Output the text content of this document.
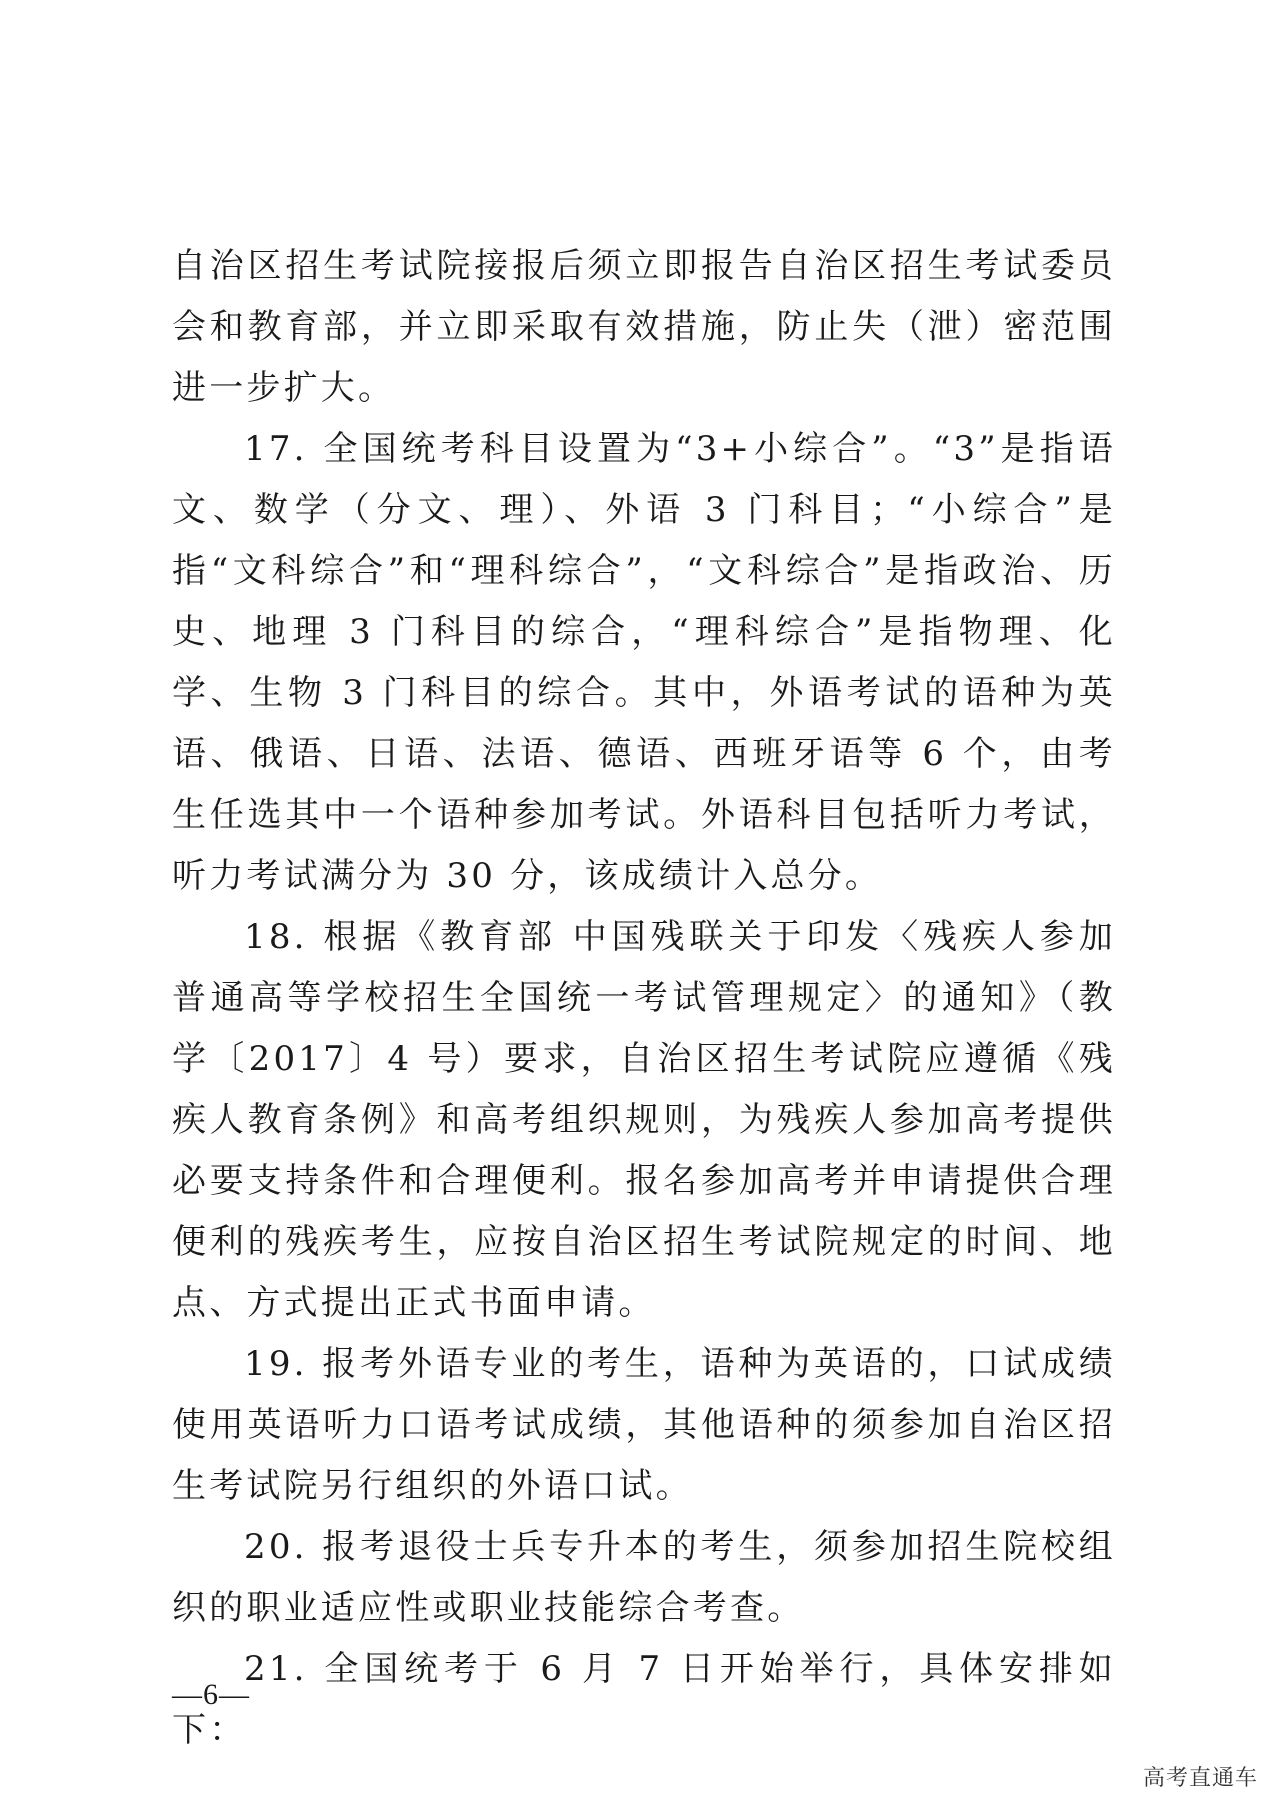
自治区招生考试院接报后须立即报告自治区招生考试委员会和教育部，并立即采取有效措施，防止失（泄）密范围进一步扩大。

17. 全国统考科目设置为“3+小综合”。“3”是指语文、数学（分文、理）、外语 3 门科目；“小综合”是指“文科综合”和“理科综合”，“文科综合”是指政治、历史、地理 3 门科目的综合，“理科综合”是指物理、化学、生物 3 门科目的综合。其中，外语考试的语种为英语、俄语、日语、法语、德语、西班牙语等 6 个，由考生任选其中一个语种参加考试。外语科目包括听力考试，听力考试满分为 30 分，该成绩计入总分。

18. 根据《教育部 中国残联关于印发〈残疾人参加普通高等学校招生全国统一考试管理规定〉的通知》（教学〔2017〕4 号）要求，自治区招生考试院应遵循《残疾人教育条例》和高考组织规则，为残疾人参加高考提供必要支持条件和合理便利。报名参加高考并申请提供合理便利的残疾考生，应按自治区招生考试院规定的时间、地点、方式提出正式书面申请。

19. 报考外语专业的考生，语种为英语的，口试成绩使用英语听力口语考试成绩，其他语种的须参加自治区招生考试院另行组织的外语口试。

20. 报考退役士兵专升本的考生，须参加招生院校组织的职业适应性或职业技能综合考查。

21. 全国统考于 6 月 7 日开始举行，具体安排如下：

—6—
高考直通车
